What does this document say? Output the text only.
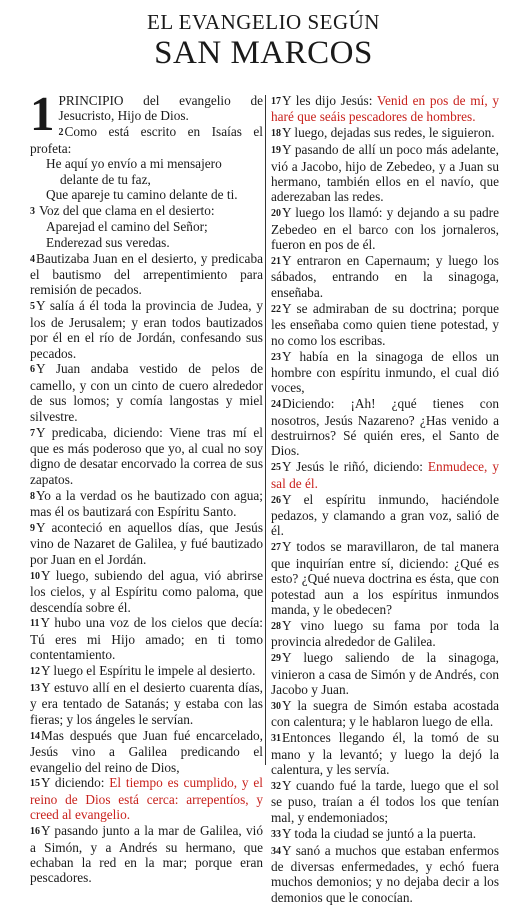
EL EVANGELIO SEGÚN
SAN MARCOS
1 PRINCIPIO del evangelio de Jesucristo, Hijo de Dios.
2Como está escrito en Isaías el profeta:
He aquí yo envío a mi mensajero
delante de tu faz,
Que apareje tu camino delante de ti.
3 Voz del que clama en el desierto:
Aparejad el camino del Señor;
Enderezad sus veredas.
4Bautizaba Juan en el desierto, y predicaba el bautismo del arrepentimiento para remisión de pecados.
5Y salía á él toda la provincia de Judea, y los de Jerusalem; y eran todos bautizados por él en el río de Jordán, confesando sus pecados.
6Y Juan andaba vestido de pelos de camello, y con un cinto de cuero alrededor de sus lomos; y comía langostas y miel silvestre.
7Y predicaba, diciendo: Viene tras mí el que es más poderoso que yo, al cual no soy digno de desatar encorvado la correa de sus zapatos.
8Yo a la verdad os he bautizado con agua; mas él os bautizará con Espíritu Santo.
9Y aconteció en aquellos días, que Jesús vino de Nazaret de Galilea, y fué bautizado por Juan en el Jordán.
10Y luego, subiendo del agua, vió abrirse los cielos, y al Espíritu como paloma, que descendía sobre él.
11Y hubo una voz de los cielos que decía: Tú eres mi Hijo amado; en ti tomo contentamiento.
12Y luego el Espíritu le impele al desierto.
13Y estuvo allí en el desierto cuarenta días, y era tentado de Satanás; y estaba con las fieras; y los ángeles le servían.
14Mas después que Juan fué encarcelado, Jesús vino a Galilea predicando el evangelio del reino de Dios,
15Y diciendo: El tiempo es cumplido, y el reino de Dios está cerca: arrepentíos, y creed al evangelio.
16Y pasando junto a la mar de Galilea, vió a Simón, y a Andrés su hermano, que echaban la red en la mar; porque eran pescadores.
17Y les dijo Jesús: Venid en pos de mí, y haré que seáis pescadores de hombres.
18Y luego, dejadas sus redes, le siguieron.
19Y pasando de allí un poco más adelante, vió a Jacobo, hijo de Zebedeo, y a Juan su hermano, también ellos en el navío, que aderezaban las redes.
20Y luego los llamó: y dejando a su padre Zebedeo en el barco con los jornaleros, fueron en pos de él.
21Y entraron en Capernaum; y luego los sábados, entrando en la sinagoga, enseñaba.
22Y se admiraban de su doctrina; porque les enseñaba como quien tiene potestad, y no como los escribas.
23Y había en la sinagoga de ellos un hombre con espíritu inmundo, el cual dió voces,
24Diciendo: ¡Ah! ¿qué tienes con nosotros, Jesús Nazareno? ¿Has venido a destruirnos? Sé quién eres, el Santo de Dios.
25Y Jesús le riñó, diciendo: Enmudece, y sal de él.
26Y el espíritu inmundo, haciéndole pedazos, y clamando a gran voz, salió de él.
27Y todos se maravillaron, de tal manera que inquirían entre sí, diciendo: ¿Qué es esto? ¿Qué nueva doctrina es ésta, que con potestad aun a los espíritus inmundos manda, y le obedecen?
28Y vino luego su fama por toda la provincia alrededor de Galilea.
29Y luego saliendo de la sinagoga, vinieron a casa de Simón y de Andrés, con Jacobo y Juan.
30Y la suegra de Simón estaba acostada con calentura; y le hablaron luego de ella.
31Entonces llegando él, la tomó de su mano y la levantó; y luego la dejó la calentura, y les servía.
32Y cuando fué la tarde, luego que el sol se puso, traían a él todos los que tenían mal, y endemoniados;
33Y toda la ciudad se juntó a la puerta.
34Y sanó a muchos que estaban enfermos de diversas enfermedades, y echó fuera muchos demonios; y no dejaba decir a los demonios que le conocían.
